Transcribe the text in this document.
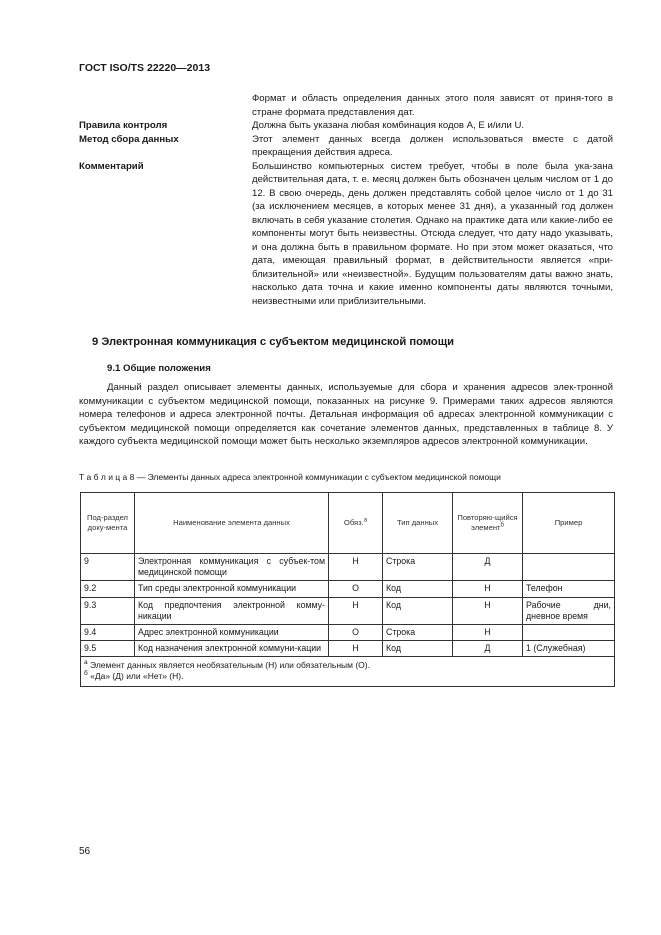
ГОСТ ISO/TS 22220—2013
Формат и область определения данных этого поля зависят от приня-того в стране формата представления дат.
Правила контроля	Должна быть указана любая комбинация кодов А, Е и/или U.
Метод сбора данных	Этот элемент данных всегда должен использоваться вместе с датой прекращения действия адреса.
Комментарий	Большинство компьютерных систем требует, чтобы в поле была ука-зана действительная дата, т. е. месяц должен быть обозначен целым числом от 1 до 12. В свою очередь, день должен представлять собой целое число от 1 до 31 (за исключением месяцев, в которых менее 31 дня), а указанный год должен включать в себя указание столетия. Однако на практике дата или какие-либо ее компоненты могут быть неизвестны. Отсюда следует, что дату надо указывать, и она должна быть в правильном формате. Но при этом может оказаться, что дата, имеющая правильный формат, в действительности является «при-близительной» или «неизвестной». Будущим пользователям даты важно знать, насколько дата точна и какие именно компоненты даты являются точными, неизвестными или приблизительными.
9 Электронная коммуникация с субъектом медицинской помощи
9.1 Общие положения
Данный раздел описывает элементы данных, используемые для сбора и хранения адресов элек-тронной коммуникации с субъектом медицинской помощи, показанных на рисунке 9. Примерами таких адресов являются номера телефонов и адреса электронной почты. Детальная информация об адресах электронной коммуникации с субъектом медицинской помощи определяется как сочетание элементов данных, представленных в таблице 8. У каждого субъекта медицинской помощи может быть несколько экземпляров адресов электронной коммуникации.
Т а б л и ц а 8 — Элементы данных адреса электронной коммуникации с субъектом медицинской помощи
Под-раздел доку-мента	Наименование элемента данных	Обяз.$^а$	Тип данных	Повторяю-щийся элемент$^б$	Пример
9	Электронная коммуникация с субъек-том медицинской помощи	Н	Строка	Д	
9.2	Тип среды электронной коммуникации	О	Код	Н	Телефон
9.3	Код предпочтения электронной комму-никации	Н	Код	Н	Рабочие дни, дневное время
9.4	Адрес электронной коммуникации	О	Строка	Н	
9.5	Код назначения электронной коммуни-кации	Н	Код	Д	1 (Служебная)

$^а$ Элемент данных является необязательным (Н) или обязательным (О).
$^б$ «Да» (Д) или «Нет» (Н).					
56
